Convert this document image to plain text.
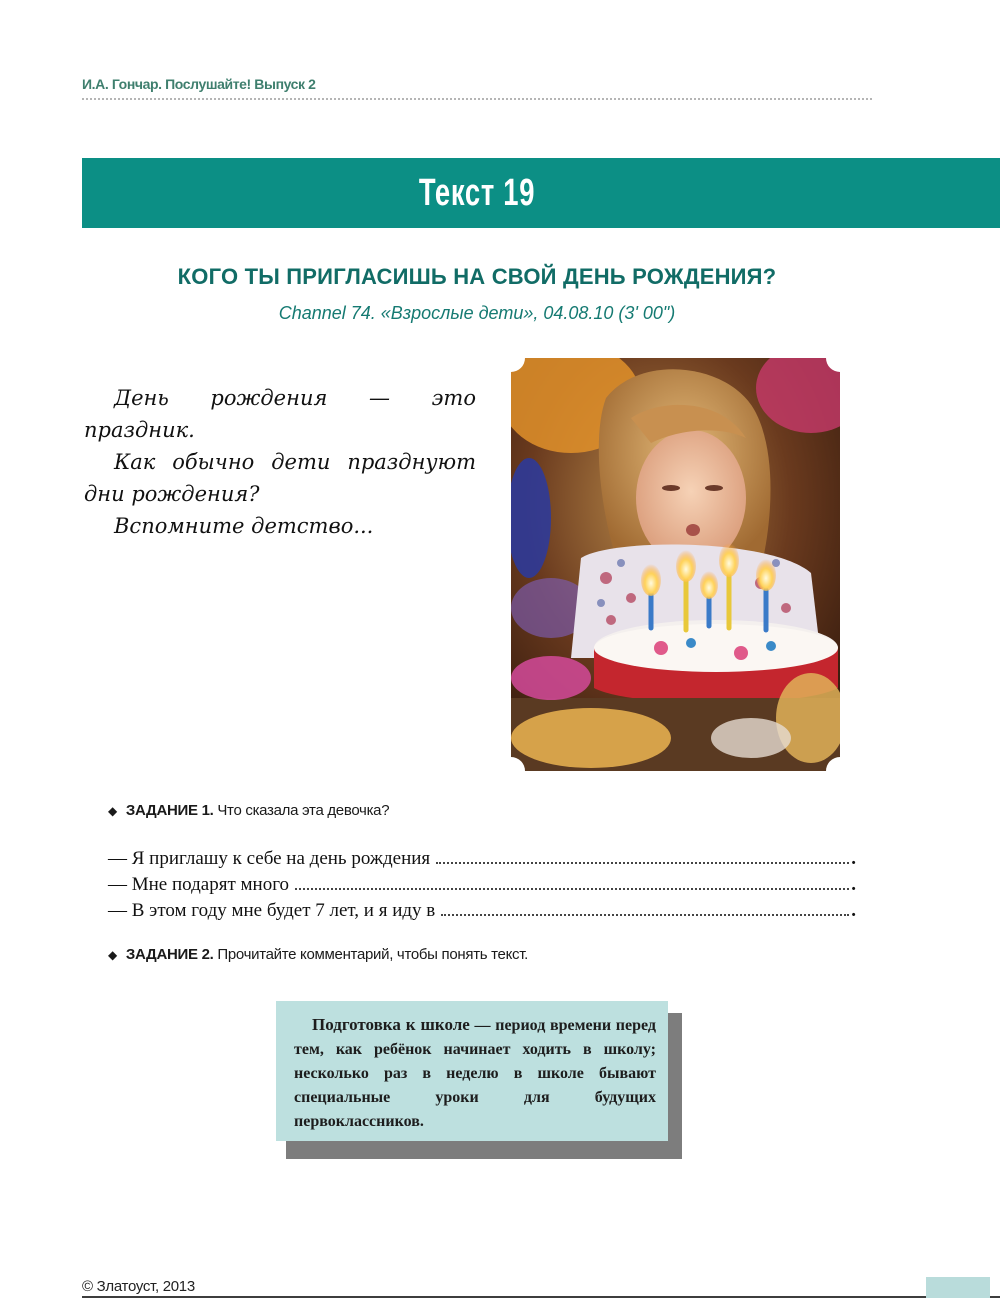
И.А. Гончар. Послушайте! Выпуск 2
Текст 19
КОГО ТЫ ПРИГЛАСИШЬ НА СВОЙ ДЕНЬ РОЖДЕНИЯ?
Channel 74. «Взрослые дети», 04.08.10 (3' 00")

День рождения — это праздник.

Как обычно дети празднуют дни рождения?

Вспомните детство...

◆ ЗАДАНИЕ 1. Что сказала эта девочка?
— Я приглашу к себе на день рождения	.
— Мне подарят много	.
— В этом году мне будет 7 лет, и я иду в	.
◆ ЗАДАНИЕ 2. Прочитайте комментарий, чтобы понять текст.

Подготовка к школе — период времени перед тем, как ребёнок начинает ходить в школу; несколько раз в неделю в школе бывают специальные уроки для будущих первоклассников.

© Златоуст, 2013
